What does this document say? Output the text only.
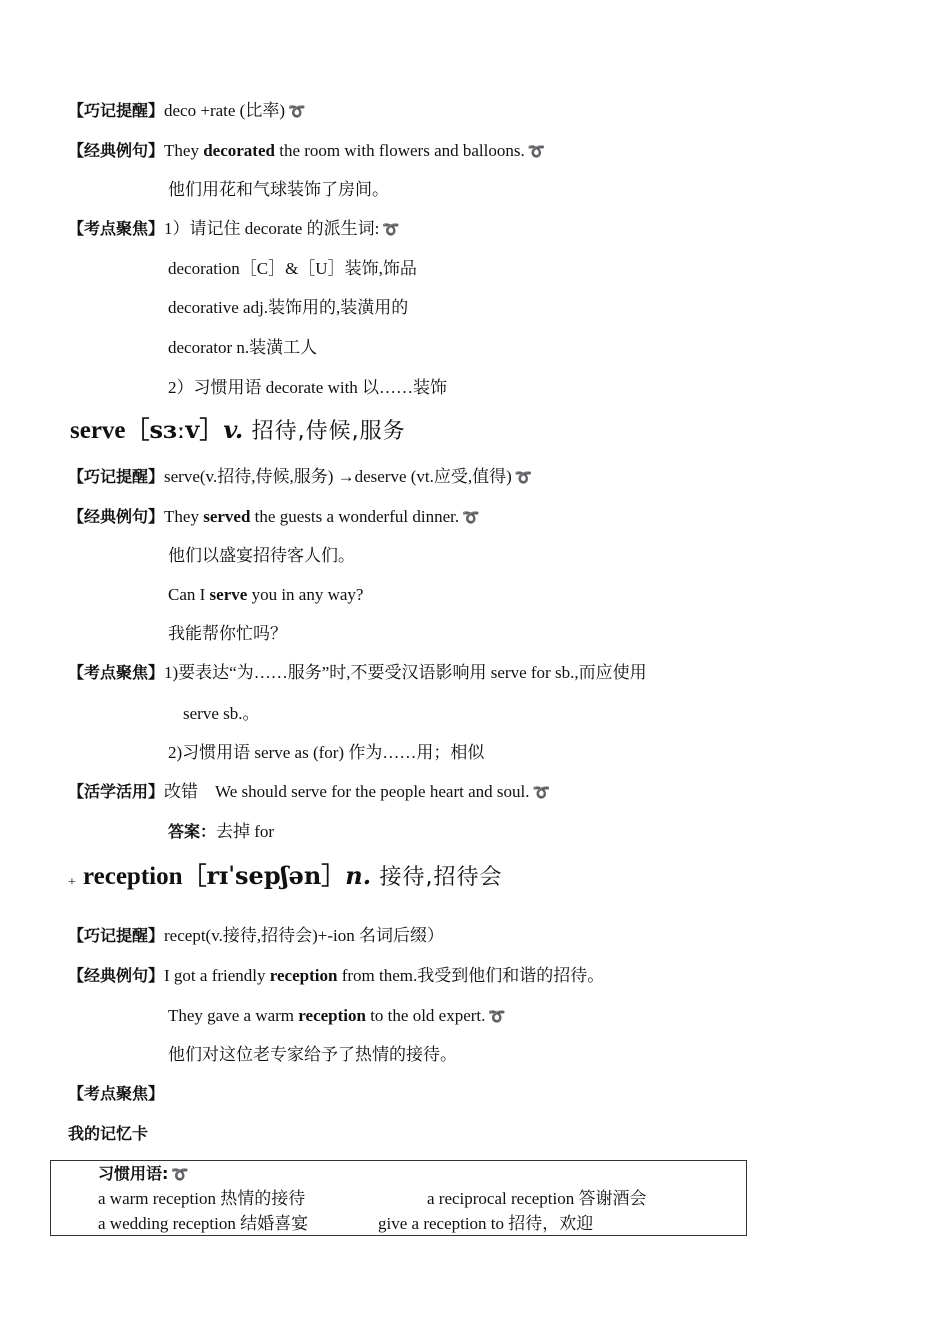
【巧记提醒】deco +rate (比率) ➰
【经典例句】They decorated the room with flowers and balloons. ➰
他们用花和气球装饰了房间。
【考点聚焦】1）请记住 decorate 的派生词: ➰
decoration［C］&［U］装饰,饰品
decorative adj.装饰用的,装潢用的
decorator n.装潢工人
2）习惯用语 decorate with 以……装饰
serve［sɜːv］v. 招待,侍候,服务
【巧记提醒】serve(v.招待,侍候,服务) →deserve (vt.应受,值得) ➰
【经典例句】They served the guests a wonderful dinner. ➰
他们以盛宴招待客人们。
Can I serve you in any way?
我能帮你忙吗？
【考点聚焦】1)要表达“为……服务”时,不要受汉语影响用 serve for sb.,而应使用
serve sb.。
2)习惯用语 serve as (for) 作为……用；相似
【活学活用】改错　We should serve for the people heart and soul. ➰
答案：去掉 for
+ reception［rɪˈsepʃən］n. 接待,招待会
【巧记提醒】recept(v.接待,招待会)+-ion 名词后缀）
【经典例句】I got a friendly reception from them.我受到他们和谐的招待。
They gave a warm reception to the old expert. ➰
他们对这位老专家给予了热情的接待。
【考点聚焦】
我的记忆卡
习惯用语: ➰
a warm reception 热情的接待	a reciprocal reception 答谢酒会
a wedding reception 结婚喜宴	give a reception to 招待，欢迎
